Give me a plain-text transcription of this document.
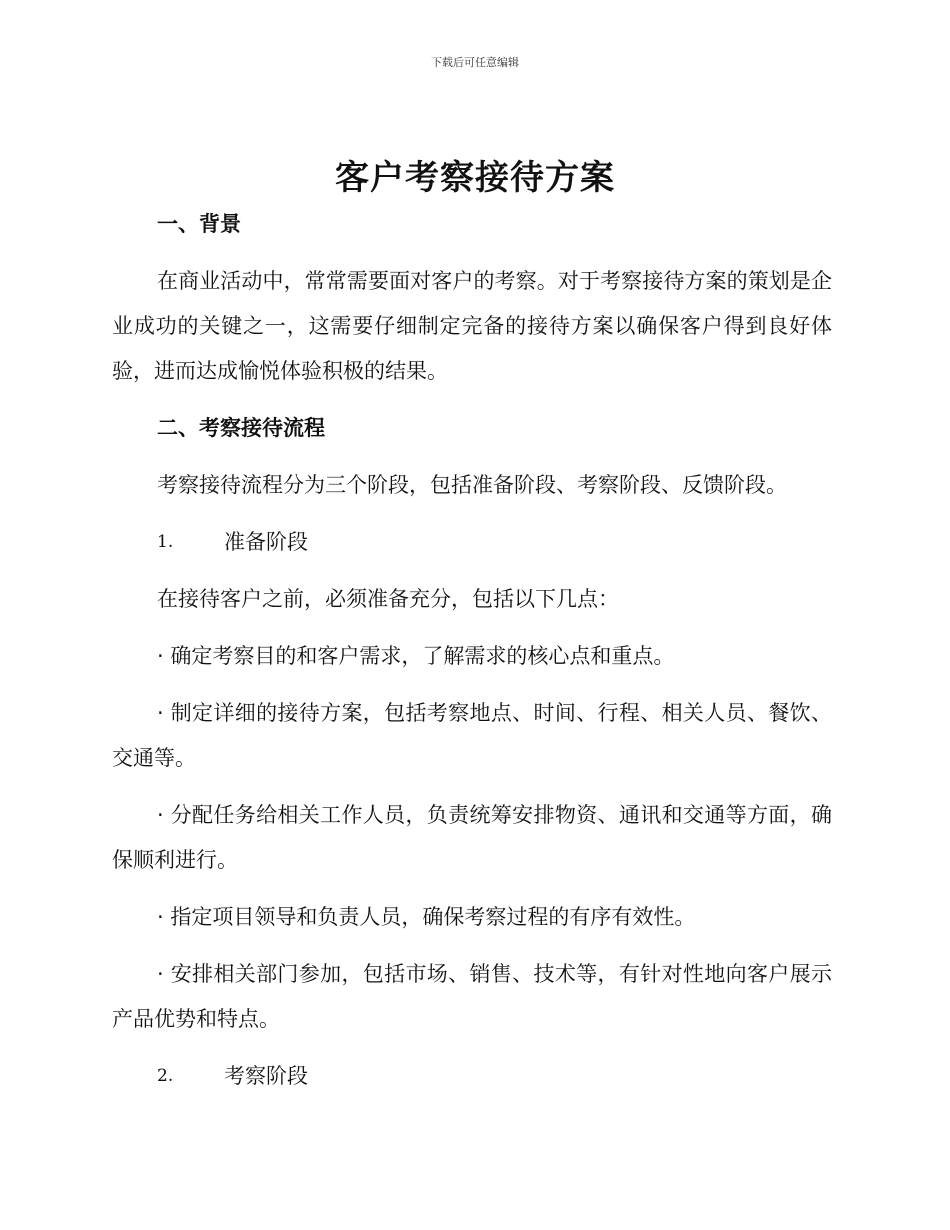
下载后可任意编辑
客户考察接待方案
一、背景
在商业活动中，常常需要面对客户的考察。对于考察接待方案的策划是企业成功的关键之一，这需要仔细制定完备的接待方案以确保客户得到良好体验，进而达成愉悦体验积极的结果。
二、考察接待流程
考察接待流程分为三个阶段，包括准备阶段、考察阶段、反馈阶段。
1.	准备阶段
在接待客户之前，必须准备充分，包括以下几点：
· 确定考察目的和客户需求，了解需求的核心点和重点。
· 制定详细的接待方案，包括考察地点、时间、行程、相关人员、餐饮、交通等。
· 分配任务给相关工作人员，负责统筹安排物资、通讯和交通等方面，确保顺利进行。
· 指定项目领导和负责人员，确保考察过程的有序有效性。
· 安排相关部门参加，包括市场、销售、技术等，有针对性地向客户展示产品优势和特点。
2.	考察阶段
